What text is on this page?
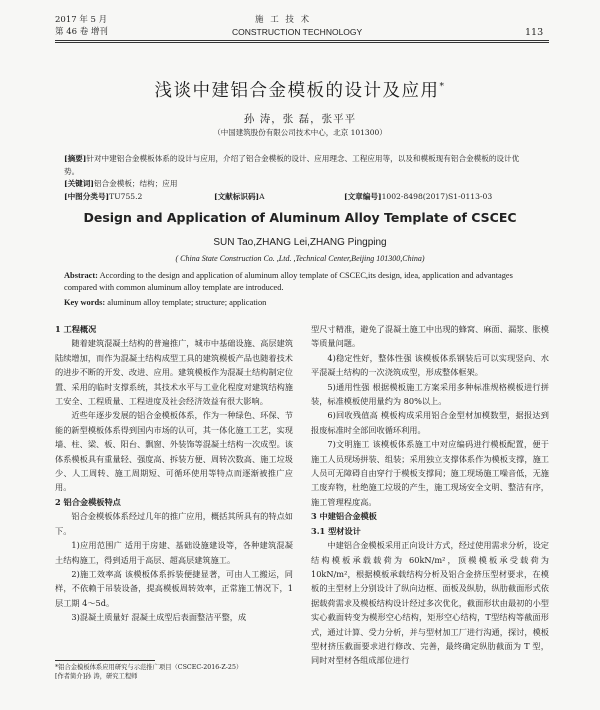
2017 年 5 月	施 工 技 术
第 46 卷 增刊	CONSTRUCTION TECHNOLOGY	113
浅谈中建铝合金模板的设计及应用*
孙 涛，张 磊，张平平
（中国建筑股份有限公司技术中心，北京 101300）
[摘要]针对中建铝合金模板体系的设计与应用，介绍了铝合金模板的设计、应用理念、工程应用等，以及和模板现有铝合金模板的设计优势。
[关键词]铝合金模板；结构；应用
[中图分类号]TU755.2	[文献标识码]A	[文章编号]1002-8498(2017)S1-0113-03
Design and Application of Aluminum Alloy Template of CSCEC
SUN Tao,ZHANG Lei,ZHANG Pingping
( China State Construction Co. ,Ltd. ,Technical Center,Beijing 101300,China)
Abstract: According to the design and application of aluminum alloy template of CSCEC,its design, idea, application and advantages compared with common aluminum alloy template are introduced.
Key words: aluminum alloy template; structure; application

1 工程概况

随着建筑混凝土结构的普遍推广，城市中基础设施、高层建筑陆续增加，而作为混凝土结构成型工具的建筑模板产品也随着技术的进步不断的开发、改进、应用。建筑模板作为混凝土结构制定位置、采用的临时支撑系统，其技术水平与工业化程度对建筑结构施工安全、工程质量、工程进度及社会经济效益有很大影响。

近些年逐步发展的铝合金模板体系，作为一种绿色、环保、节能的新型模板体系得到国内市场的认可，其一体化施工工艺，实现墙、柱、梁、板、阳台、飘窗、外装饰等混凝土结构一次成型。该体系模板具有重量轻、强度高、拆装方便、周转次数高、施工垃圾少、人工周转、施工周期短、可循环使用等特点而逐渐被推广应用。

2 铝合金模板特点

铝合金模板体系经过几年的推广应用，概括其所具有的特点如下。

1)应用范围广 适用于房建、基础设施建设等，各种建筑混凝土结构施工，得到适用于高层、超高层建筑施工。

2)施工效率高 该模板体系拆装便捷显著，可由人工搬运，同样，不依赖于吊装设备，提高模板周转效率，正常施工情况下，1 层工期 4～5d。

3)混凝土质量好 混凝土成型后表面整洁平整，成

型尺寸精准，避免了混凝土施工中出现的蜂窝、麻面、漏浆、胀模等质量问题。

4)稳定性好，整体性强 该模板体系钢装后可以实现竖向、水平混凝土结构的一次浇筑成型，形成整体框架。

5)通用性强 根据模板施工方案采用多种标准规格模板进行拼装，标准模板使用量约为 80%以上。

6)回收残值高 模板构成采用铝合金型材加模数型，据报达到报废标准时全部回收循环利用。

7)文明施工 该模板体系施工中对应编码进行模板配置，便于施工人员现场拼装、组装；采用独立支撑体系作为模板支撑，施工人员可无障碍自由穿行于模板支撑间；施工现场施工噪音低，无施工废弃物，杜绝施工垃圾的产生，施工现场安全文明、整洁有序，施工管理程度高。

3 中建铝合金模板

3.1 型材设计

中建铝合金模板采用正向设计方式，经过使用需求分析，设定结构模板承载载荷为 60kN/m²，顶模模板承受载荷为 10kN/m²，根据模板承载结构分析及铝合金挤压型材要求，在模板的主型材上分别设计了纵向边框、面板及纵肋，纵肋截面形式依据载荷需求及模板结构设计经过多次优化，截面形状由最初的小型实心截面转变为模形空心结构，矩形空心结构，T型结构等截面形式，通过计算、受力分析，并与型材加工厂进行沟通，探讨，模板型材挤压截面要求进行修改、完善，最终确定纵肋截面为 T 型，同时对型材各组成部位进行

*铝合金模板体系应用研究与示范推广项目（CSCEC-2016-Z-25）
[作者简介]孙 涛，研究工程师
